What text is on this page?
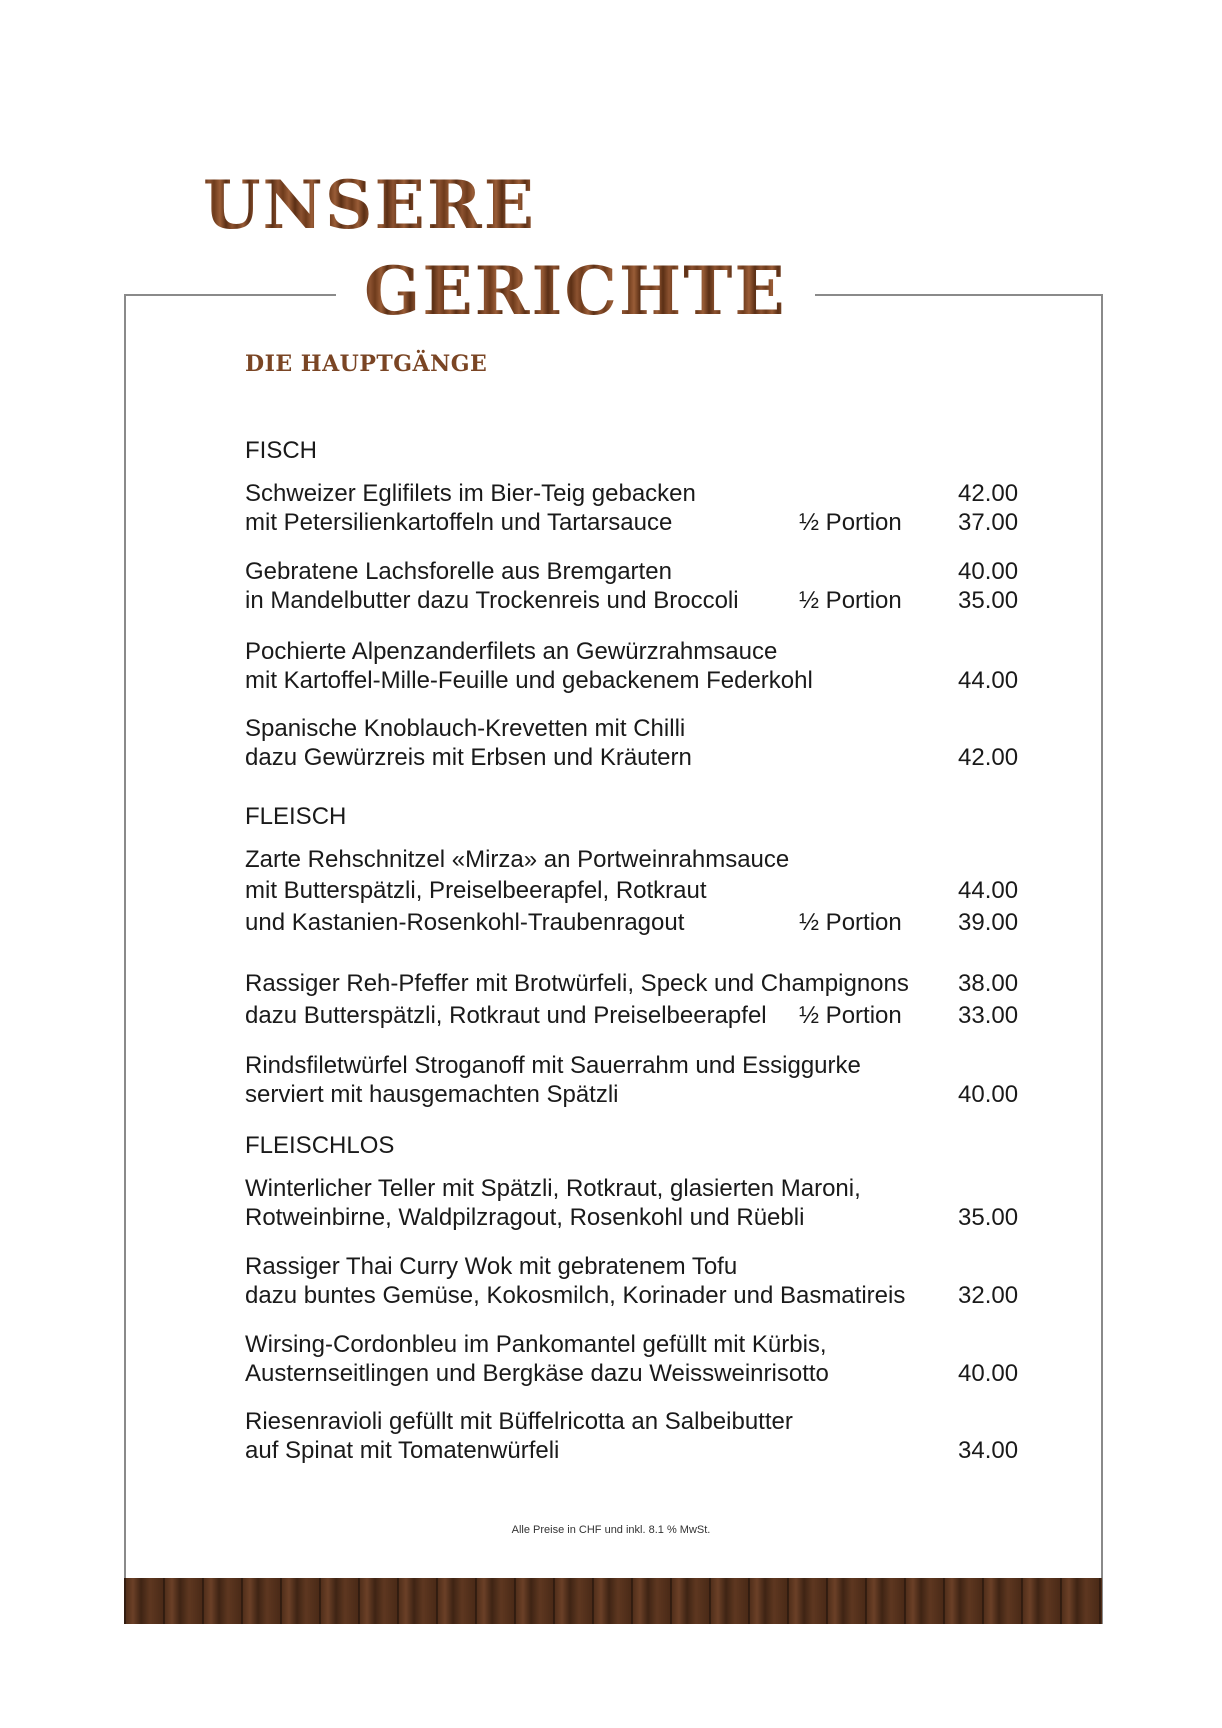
UNSERE
GERICHTE
DIE HAUPTGÄNGE
FISCH
Schweizer Eglifilets im Bier-Teig gebacken	42.00
mit Petersilienkartoffeln und Tartarsauce	½ Portion 37.00
Gebratene Lachsforelle aus Bremgarten	40.00
in Mandelbutter dazu Trockenreis und Broccoli	½ Portion 35.00
Pochierte Alpenzanderfilets an Gewürzrahmsauce
mit Kartoffel-Mille-Feuille und gebackenem Federkohl	44.00
Spanische Knoblauch-Krevetten mit Chilli
dazu Gewürzreis mit Erbsen und Kräutern	42.00
FLEISCH
Zarte Rehschnitzel «Mirza» an Portweinrahmsauce
mit Butterspätzli, Preiselbeerapfel, Rotkraut	44.00
und Kastanien-Rosenkohl-Traubenragout	½ Portion 39.00
Rassiger Reh-Pfeffer mit Brotwürfeli, Speck und Champignons 38.00
dazu Butterspätzli, Rotkraut und Preiselbeerapfel ½ Portion 33.00
Rindsfiletwürfel Stroganoff mit Sauerrahm und Essiggurke
serviert mit hausgemachten Spätzli	40.00
FLEISCHLOS
Winterlicher Teller mit Spätzli, Rotkraut, glasierten Maroni,
Rotweinbirne, Waldpilzragout, Rosenkohl und Rüebli	35.00
Rassiger Thai Curry Wok mit gebratenem Tofu
dazu buntes Gemüse, Kokosmilch, Korinader und Basmatireis 32.00
Wirsing-Cordonbleu im Pankomantel gefüllt mit Kürbis,
Austernseitlingen und Bergkäse dazu Weissweinrisotto	40.00
Riesenravioli gefüllt mit Büffelricotta an Salbeibutter
auf Spinat mit Tomatenwürfeli	34.00
Alle Preise in CHF und inkl. 8.1 % MwSt.
